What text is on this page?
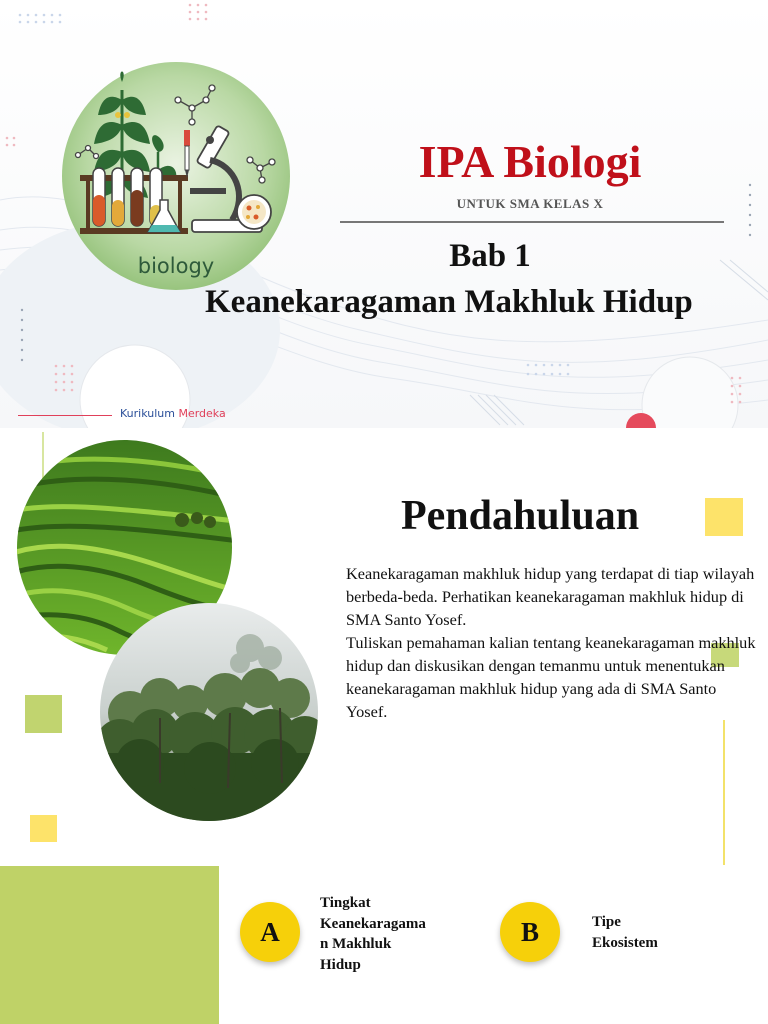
biology
IPA Biologi
UNTUK SMA KELAS X
Bab 1
Keanekaragaman Makhluk Hidup
Kurikulum Merdeka
Pendahuluan

Keanekaragaman makhluk hidup yang terdapat di tiap wilayah berbeda-beda. Perhatikan keanekaragaman makhluk hidup di SMA Santo Yosef.

Tuliskan pemahaman kalian tentang keanekaragaman makhluk hidup dan diskusikan dengan temanmu untuk menentukan keanekaragaman makhluk hidup yang ada di SMA Santo Yosef.

A
Tingkat
Keanekaragama
n Makhluk
Hidup
B	Tipe
Ekosistem
